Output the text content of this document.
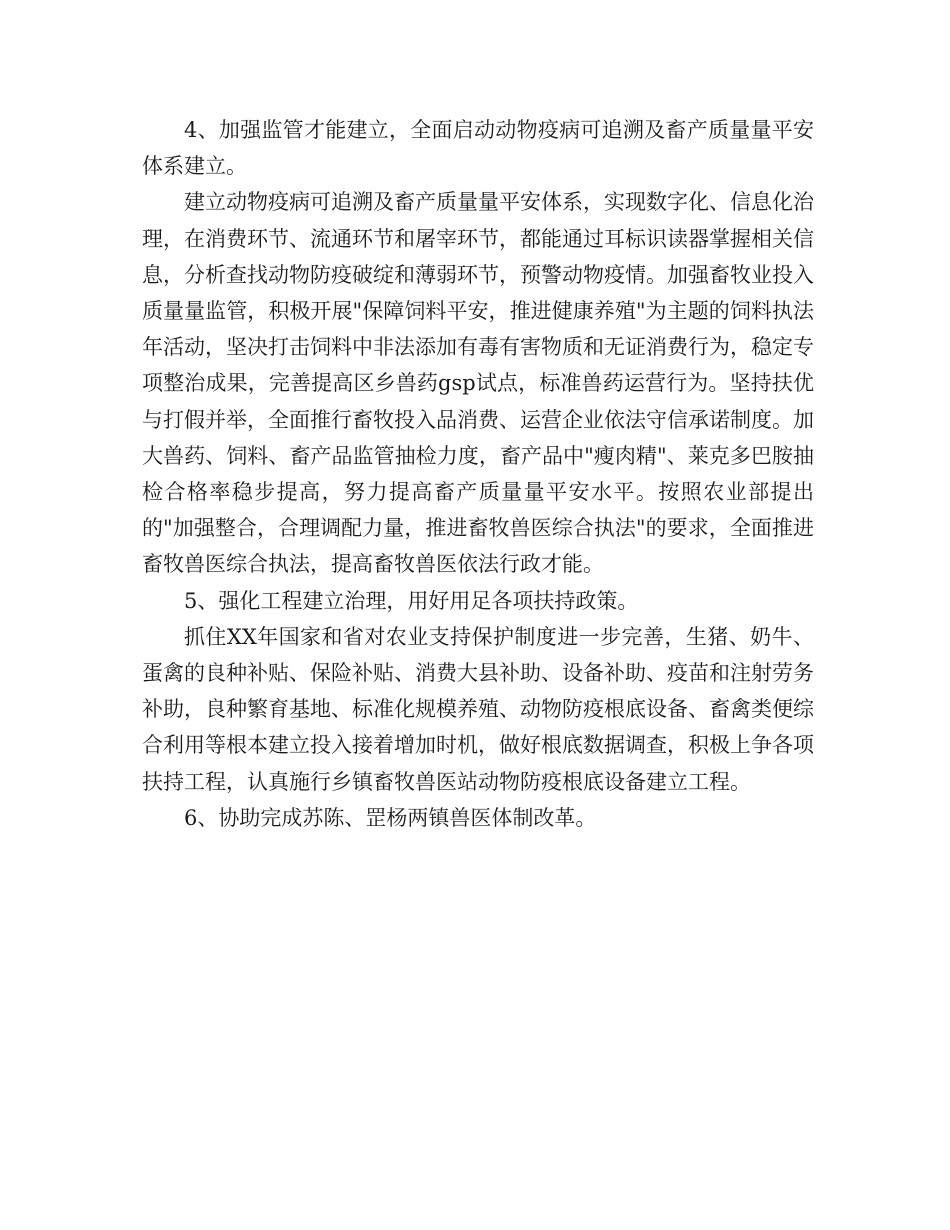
4、加强监管才能建立，全面启动动物疫病可追溯及畜产质量量平安体系建立。

建立动物疫病可追溯及畜产质量量平安体系，实现数字化、信息化治理，在消费环节、流通环节和屠宰环节，都能通过耳标识读器掌握相关信息，分析查找动物防疫破绽和薄弱环节，预警动物疫情。加强畜牧业投入质量量监管，积极开展"保障饲料平安，推进健康养殖"为主题的饲料执法年活动，坚决打击饲料中非法添加有毒有害物质和无证消费行为，稳定专项整治成果，完善提高区乡兽药gsp试点，标准兽药运营行为。坚持扶优与打假并举，全面推行畜牧投入品消费、运营企业依法守信承诺制度。加大兽药、饲料、畜产品监管抽检力度，畜产品中"瘦肉精"、莱克多巴胺抽检合格率稳步提高，努力提高畜产质量量平安水平。按照农业部提出的"加强整合，合理调配力量，推进畜牧兽医综合执法"的要求，全面推进畜牧兽医综合执法，提高畜牧兽医依法行政才能。

5、强化工程建立治理，用好用足各项扶持政策。

抓住XX年国家和省对农业支持保护制度进一步完善，生猪、奶牛、蛋禽的良种补贴、保险补贴、消费大县补助、设备补助、疫苗和注射劳务补助，良种繁育基地、标准化规模养殖、动物防疫根底设备、畜禽类便综合利用等根本建立投入接着增加时机，做好根底数据调查，积极上争各项扶持工程，认真施行乡镇畜牧兽医站动物防疫根底设备建立工程。

6、协助完成苏陈、罡杨两镇兽医体制改革。
